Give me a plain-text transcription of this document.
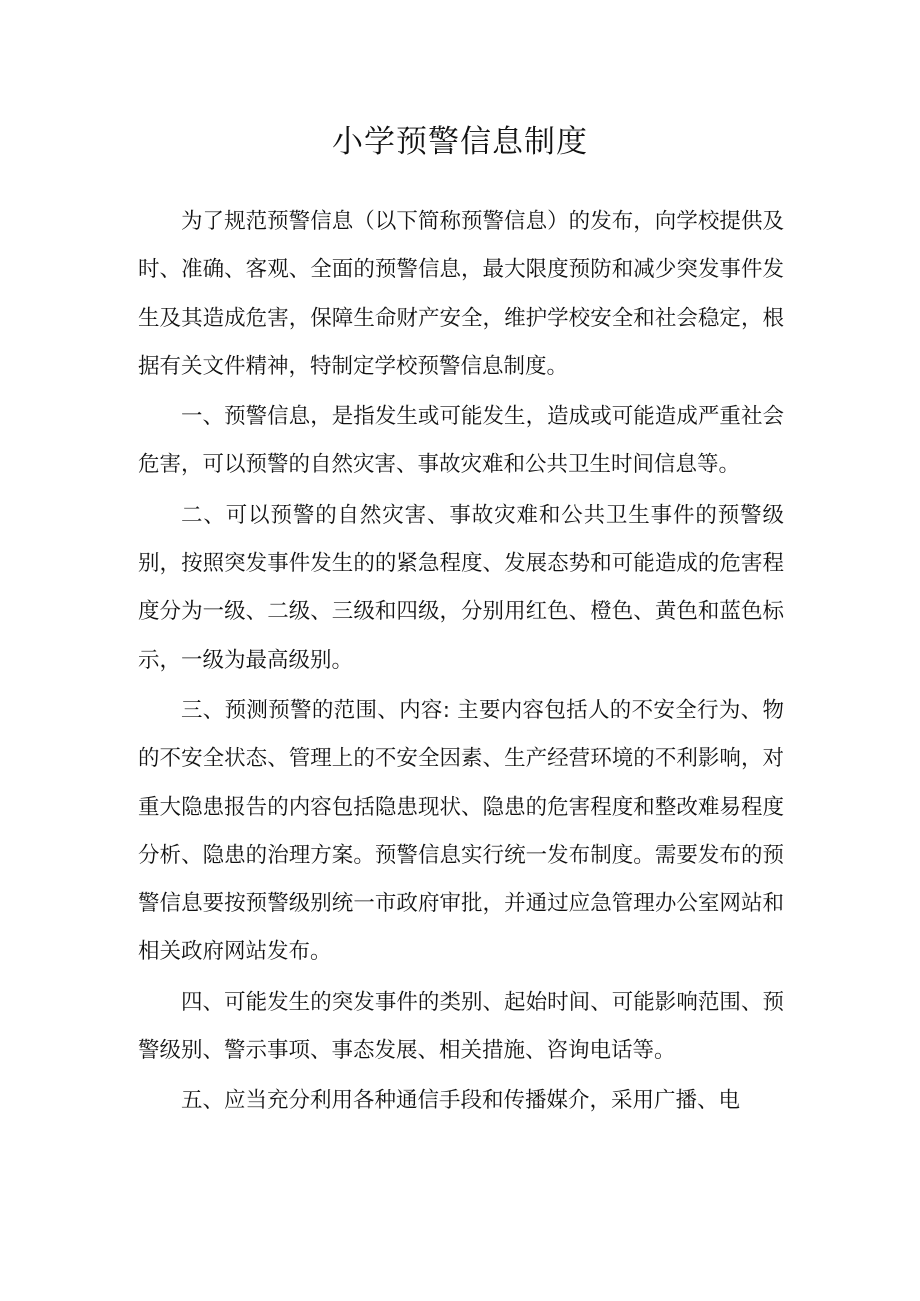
小学预警信息制度

为了规范预警信息（以下简称预警信息）的发布，向学校提供及时、准确、客观、全面的预警信息，最大限度预防和减少突发事件发生及其造成危害，保障生命财产安全，维护学校安全和社会稳定，根据有关文件精神，特制定学校预警信息制度。

一、预警信息，是指发生或可能发生，造成或可能造成严重社会危害，可以预警的自然灾害、事故灾难和公共卫生时间信息等。

二、可以预警的自然灾害、事故灾难和公共卫生事件的预警级别，按照突发事件发生的的紧急程度、发展态势和可能造成的危害程度分为一级、二级、三级和四级，分别用红色、橙色、黄色和蓝色标示，一级为最高级别。

三、预测预警的范围、内容: 主要内容包括人的不安全行为、物的不安全状态、管理上的不安全因素、生产经营环境的不利影响，对重大隐患报告的内容包括隐患现状、隐患的危害程度和整改难易程度分析、隐患的治理方案。预警信息实行统一发布制度。需要发布的预警信息要按预警级别统一市政府审批，并通过应急管理办公室网站和相关政府网站发布。

四、可能发生的突发事件的类别、起始时间、可能影响范围、预警级别、警示事项、事态发展、相关措施、咨询电话等。

五、应当充分利用各种通信手段和传播媒介，采用广播、电
